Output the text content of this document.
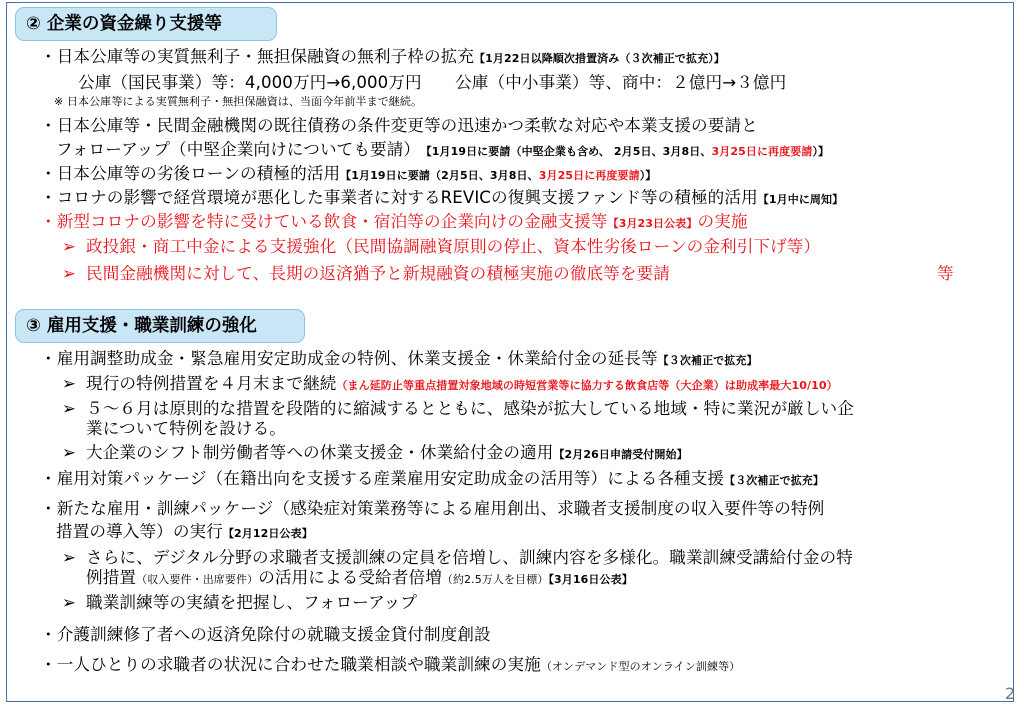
② 企業の資金繰り支援等
・日本公庫等の実質無利子・無担保融資の無利子枠の拡充【1月22日以降順次措置済み（３次補正で拡充）】
公庫（国民事業）等：4,000万円→6,000万円　　公庫（中小事業）等、商中：２億円→３億円
※ 日本公庫等による実質無利子・無担保融資は、当面今年前半まで継続。
・日本公庫等・民間金融機関の既往債務の条件変更等の迅速かつ柔軟な対応や本業支援の要請と
フォローアップ（中堅企業向けについても要請） 【1月19日に要請（中堅企業も含め、 2月5日、3月8日、3月25日に再度要請）】
・日本公庫等の劣後ローンの積極的活用【1月19日に要請（2月5日、3月8日、3月25日に再度要請）】
・コロナの影響で経営環境が悪化した事業者に対するREVICの復興支援ファンド等の積極的活用【1月中に周知】
・新型コロナの影響を特に受けている飲食・宿泊等の企業向けの金融支援等【3月23日公表】の実施
➢ 政投銀・商工中金による支援強化（民間協調融資原則の停止、資本性劣後ローンの金利引下げ等）
➢ 民間金融機関に対して、長期の返済猶予と新規融資の積極実施の徹底等を要請	等
③ 雇用支援・職業訓練の強化
・雇用調整助成金・緊急雇用安定助成金の特例、休業支援金・休業給付金の延長等【３次補正で拡充】
➢ 現行の特例措置を４月末まで継続（まん延防止等重点措置対象地域の時短営業等に協力する飲食店等（大企業）は助成率最大10/10）
➢ ５～６月は原則的な措置を段階的に縮減するとともに、感染が拡大している地域・特に業況が厳しい企
業について特例を設ける。
➢ 大企業のシフト制労働者等への休業支援金・休業給付金の適用【2月26日申請受付開始】
・雇用対策パッケージ（在籍出向を支援する産業雇用安定助成金の活用等）による各種支援【３次補正で拡充】
・新たな雇用・訓練パッケージ（感染症対策業務等による雇用創出、求職者支援制度の収入要件等の特例
措置の導入等）の実行【2月12日公表】
➢ さらに、デジタル分野の求職者支援訓練の定員を倍増し、訓練内容を多様化。職業訓練受講給付金の特
例措置（収入要件・出席要件）の活用による受給者倍増（約2.5万人を目標）【3月16日公表】
➢ 職業訓練等の実績を把握し、フォローアップ
・介護訓練修了者への返済免除付の就職支援金貸付制度創設
・一人ひとりの求職者の状況に合わせた職業相談や職業訓練の実施（オンデマンド型のオンライン訓練等）
2
